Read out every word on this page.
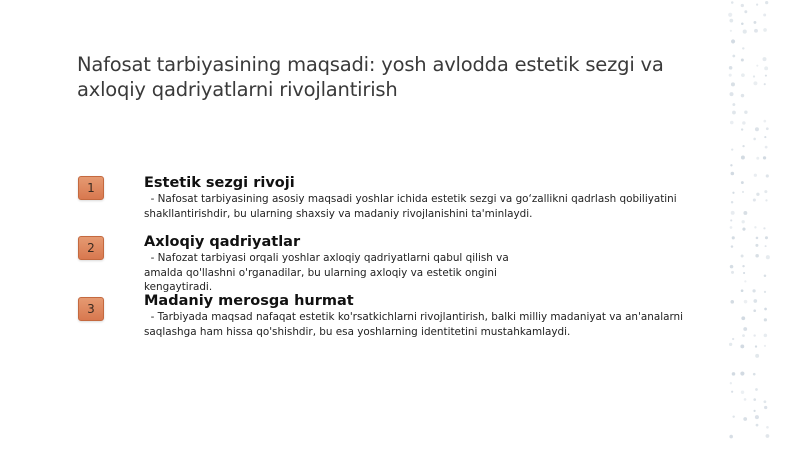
Nafosat tarbiyasining maqsadi: yosh avlodda estetik sezgi va axloqiy qadriyatlarni rivojlantirish
1	Estetik sezgi rivoji
- Nafosat tarbiyasining asosiy maqsadi yoshlar ichida estetik sezgi va go‘zallikni qadrlash qobiliyatini shakllantirishdir, bu ularning shaxsiy va madaniy rivojlanishini ta'minlaydi.
2	Axloqiy qadriyatlar
- Nafozat tarbiyasi orqali yoshlar axloqiy qadriyatlarni qabul qilish va amalda qo'llashni o'rganadilar, bu ularning axloqiy va estetik ongini kengaytiradi.
3	Madaniy merosga hurmat
- Tarbiyada maqsad nafaqat estetik ko'rsatkichlarni rivojlantirish, balki milliy madaniyat va an'analarni saqlashga ham hissa qo'shishdir, bu esa yoshlarning identitetini mustahkamlaydi.
